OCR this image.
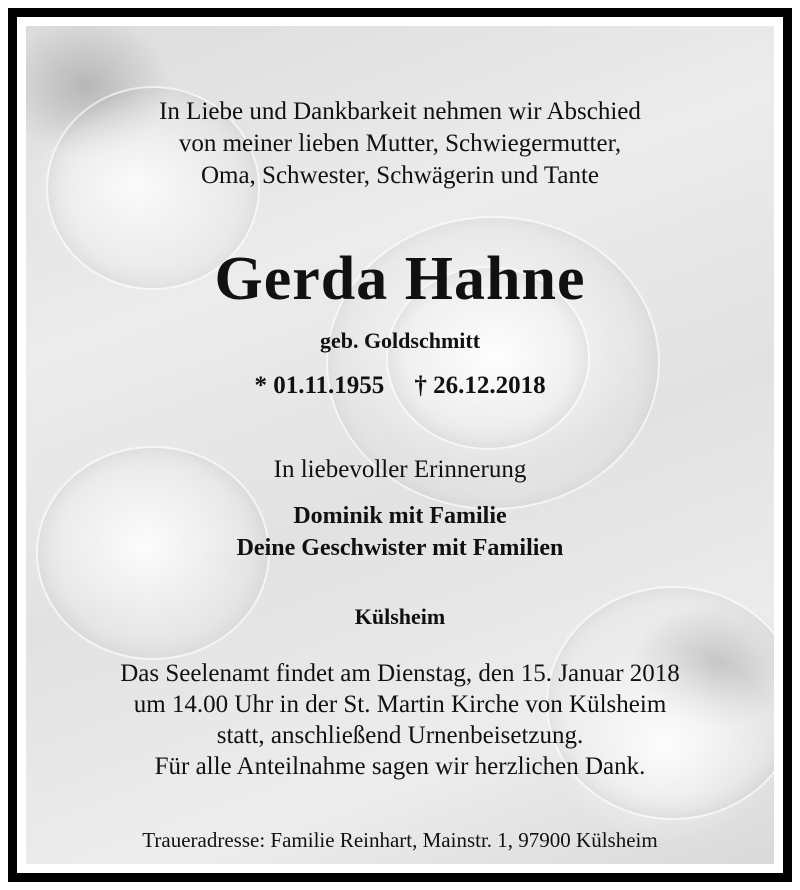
In Liebe und Dankbarkeit nehmen wir Abschied
von meiner lieben Mutter, Schwiegermutter,
Oma, Schwester, Schwägerin und Tante
Gerda Hahne
geb. Goldschmitt
* 01.11.1955 † 26.12.2018
In liebevoller Erinnerung
Dominik mit Familie
Deine Geschwister mit Familien
Külsheim
Das Seelenamt findet am Dienstag, den 15. Januar 2018
um 14.00 Uhr in der St. Martin Kirche von Külsheim
statt, anschließend Urnenbeisetzung.
Für alle Anteilnahme sagen wir herzlichen Dank.
Traueradresse: Familie Reinhart, Mainstr. 1, 97900 Külsheim
